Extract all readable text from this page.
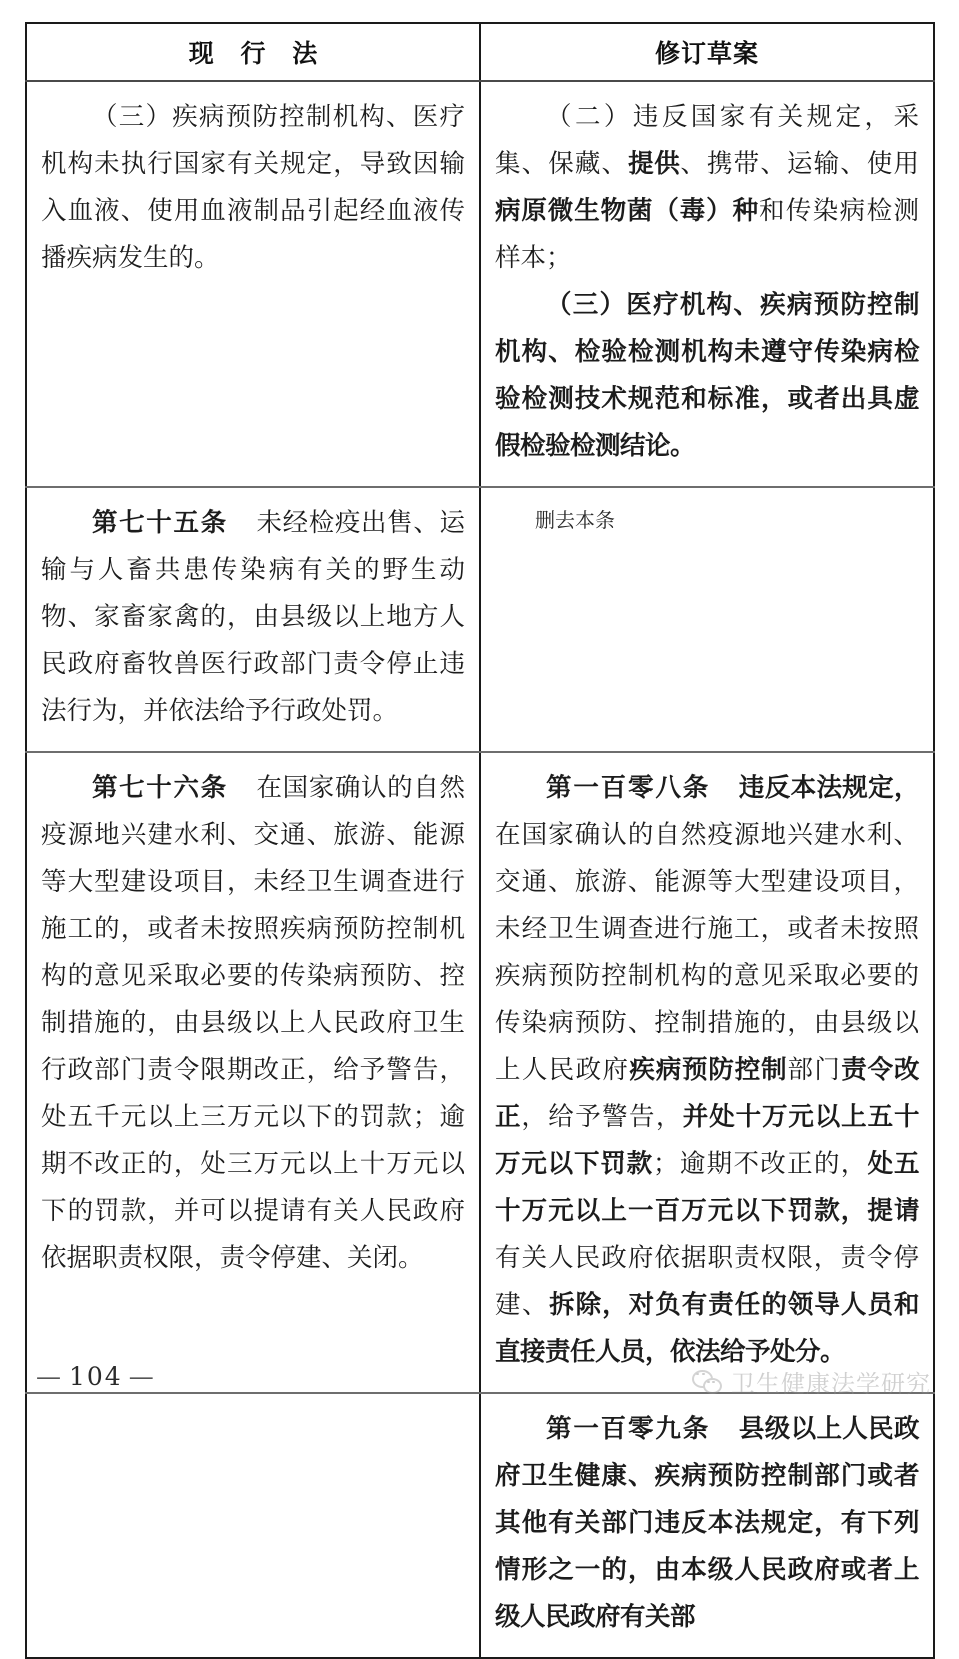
现 行 法	修订草案

（三）疾病预防控制机构、医疗机构未执行国家有关规定，导致因输入血液、使用血液制品引起经血液传播疾病发生的。	（二）违反国家有关规定，采集、保藏、提供、携带、运输、使用病原微生物菌（毒）种和传染病检测样本；
（三）医疗机构、疾病预防控制机构、检验检测机构未遵守传染病检验检测技术规范和标准，或者出具虚假检验检测结论。

第七十五条 未经检疫出售、运输与人畜共患传染病有关的野生动物、家畜家禽的，由县级以上地方人民政府畜牧兽医行政部门责令停止违法行为，并依法给予行政处罚。	删去本条

第七十六条 在国家确认的自然疫源地兴建水利、交通、旅游、能源等大型建设项目，未经卫生调查进行施工的，或者未按照疾病预防控制机构的意见采取必要的传染病预防、控制措施的，由县级以上人民政府卫生行政部门责令限期改正，给予警告，处五千元以上三万元以下的罚款；逾期不改正的，处三万元以上十万元以下的罚款，并可以提请有关人民政府依据职责权限，责令停建、关闭。	第一百零八条 违反本法规定，在国家确认的自然疫源地兴建水利、交通、旅游、能源等大型建设项目，未经卫生调查进行施工，或者未按照疾病预防控制机构的意见采取必要的传染病预防、控制措施的，由县级以上人民政府疾病预防控制部门责令改正，给予警告，并处十万元以上五十万元以下罚款；逾期不改正的，处五十万元以上一百万元以下罚款，提请有关人民政府依据职责权限，责令停建、拆除，对负有责任的领导人员和直接责任人员，依法给予处分。

	第一百零九条 县级以上人民政府卫生健康、疾病预防控制部门或者其他有关部门违反本法规定，有下列情形之一的，由本级人民政府或者上级人民政府有关部
— 104 —	卫生健康法学研究
